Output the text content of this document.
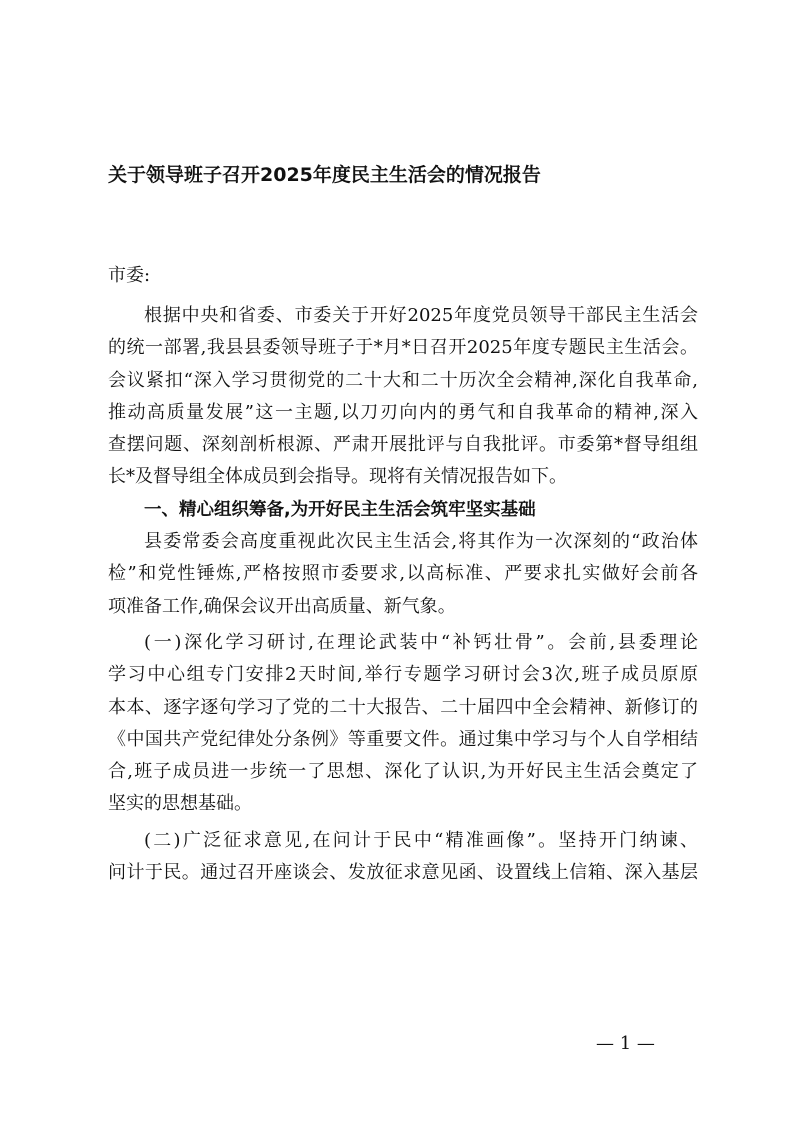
关于领导班子召开2025年度民主生活会的情况报告
市委:
根据中央和省委、市委关于开好2025年度党员领导干部民主生活会
的统一部署,我县县委领导班子于*月*日召开2025年度专题民主生活会。
会议紧扣“深入学习贯彻党的二十大和二十历次全会精神,深化自我革命,
推动高质量发展”这一主题,以刀刃向内的勇气和自我革命的精神,深入
查摆问题、深刻剖析根源、严肃开展批评与自我批评。市委第*督导组组
长*及督导组全体成员到会指导。现将有关情况报告如下。
一、精心组织筹备,为开好民主生活会筑牢坚实基础
县委常委会高度重视此次民主生活会,将其作为一次深刻的“政治体
检”和党性锤炼,严格按照市委要求,以高标准、严要求扎实做好会前各
项准备工作,确保会议开出高质量、新气象。
(一)深化学习研讨,在理论武装中“补钙壮骨”。会前,县委理论
学习中心组专门安排2天时间,举行专题学习研讨会3次,班子成员原原
本本、逐字逐句学习了党的二十大报告、二十届四中全会精神、新修订的
《中国共产党纪律处分条例》等重要文件。通过集中学习与个人自学相结
合,班子成员进一步统一了思想、深化了认识,为开好民主生活会奠定了
坚实的思想基础。
(二)广泛征求意见,在问计于民中“精准画像”。坚持开门纳谏、
问计于民。通过召开座谈会、发放征求意见函、设置线上信箱、深入基层
— 1 —
